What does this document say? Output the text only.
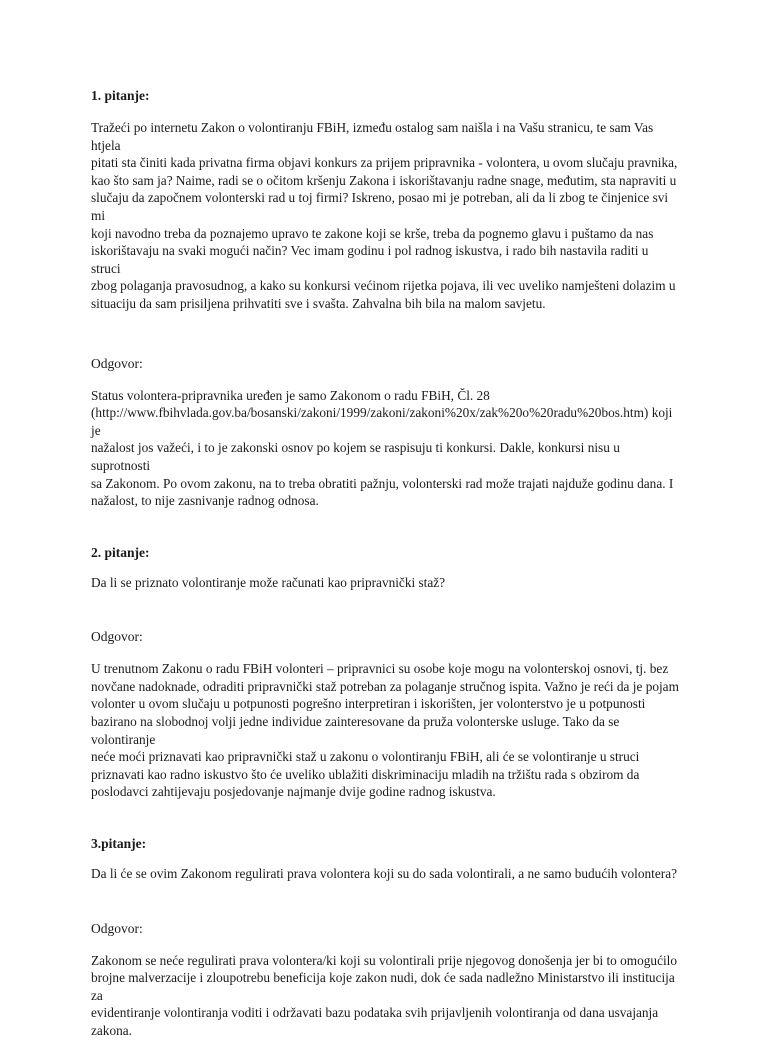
1. pitanje:

Tražeći po internetu Zakon o volontiranju FBiH, između ostalog sam naišla i na Vašu stranicu, te sam Vas htjela
pitati sta činiti kada privatna firma objavi konkurs za prijem pripravnika - volontera, u ovom slučaju pravnika,
kao što sam ja? Naime, radi se o očitom kršenju Zakona i iskorištavanju radne snage, međutim, sta napraviti u
slučaju da započnem volonterski rad u toj firmi? Iskreno, posao mi je potreban, ali da li zbog te činjenice svi mi
koji navodno treba da poznajemo upravo te zakone koji se krše, treba da pognemo glavu i puštamo da nas
iskorištavaju na svaki mogući način? Vec imam godinu i pol radnog iskustva, i rado bih nastavila raditi u struci
zbog polaganja pravosudnog, a kako su konkursi većinom rijetka pojava, ili vec uveliko namješteni dolazim u
situaciju da sam prisiljena prihvatiti sve i svašta. Zahvalna bih bila na malom savjetu.

Odgovor:

Status volontera-pripravnika uređen je samo Zakonom o radu FBiH, Čl. 28
(http://www.fbihvlada.gov.ba/bosanski/zakoni/1999/zakoni/zakoni%20x/zak%20o%20radu%20bos.htm) koji je
nažalost jos važeći, i to je zakonski osnov po kojem se raspisuju ti konkursi. Dakle, konkursi nisu u suprotnosti
sa Zakonom. Po ovom zakonu, na to treba obratiti pažnju, volonterski rad može trajati najduže godinu dana. I
nažalost, to nije zasnivanje radnog odnosa.

2. pitanje:

Da li se priznato volontiranje može računati kao pripravnički staž?

Odgovor:

U trenutnom Zakonu o radu FBiH volonteri – pripravnici su osobe koje mogu na volonterskoj osnovi, tj. bez
novčane nadoknade, odraditi pripravnički staž potreban za polaganje stručnog ispita. Važno je reći da je pojam
volonter u ovom slučaju u potpunosti pogrešno interpretiran i iskorišten, jer volonterstvo je u potpunosti
bazirano na slobodnoj volji jedne individue zainteresovane da pruža volonterske usluge. Tako da se volontiranje
neće moći priznavati kao pripravnički staž u zakonu o volontiranju FBiH, ali će se volontiranje u struci
priznavati kao radno iskustvo što će uveliko ublažiti diskriminaciju mladih na tržištu rada s obzirom da
poslodavci zahtijevaju posjedovanje najmanje dvije godine radnog iskustva.

3.pitanje:

Da li će se ovim Zakonom regulirati prava volontera koji su do sada volontirali, a ne samo budućih volontera?

Odgovor:

Zakonom se neće regulirati prava volontera/ki koji su volontirali prije njegovog donošenja jer bi to omogućilo
brojne malverzacije i zloupotrebu beneficija koje zakon nudi, dok će sada nadležno Ministarstvo ili institucija za
evidentiranje volontiranja voditi i održavati bazu podataka svih prijavljenih volontiranja od dana usvajanja
zakona.
